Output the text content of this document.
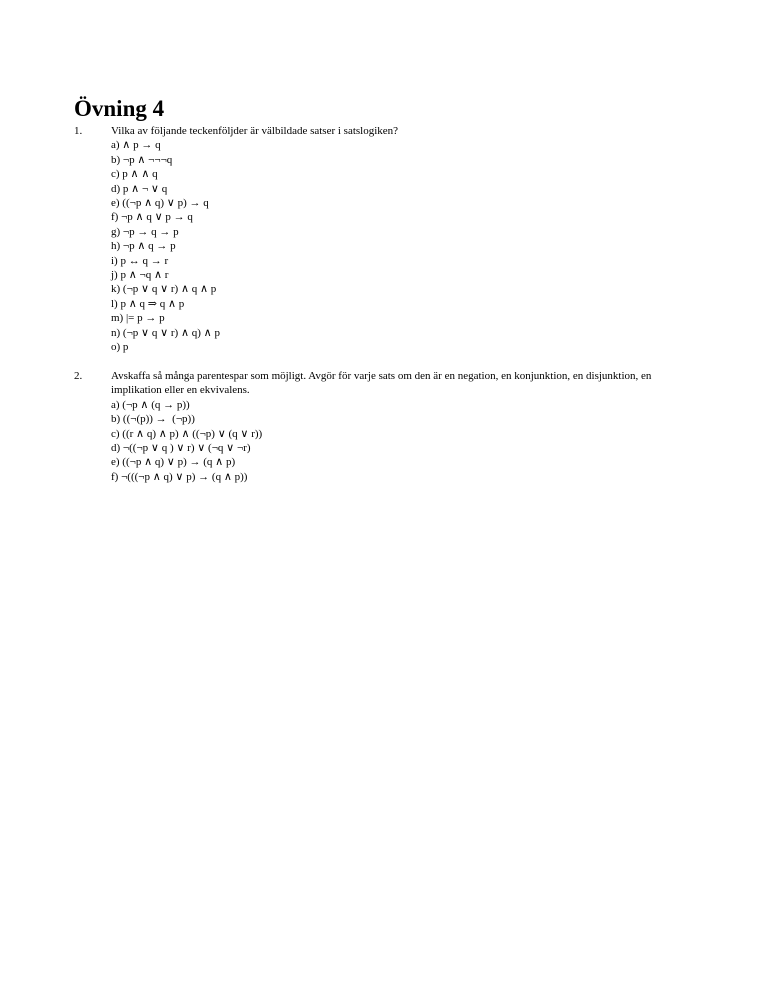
Övning 4
1.	Vilka av följande teckenföljder är välbildade satser i satslogiken?
a) ∧ p → q
b) ¬p ∧ ¬¬¬q
c) p ∧ ∧ q
d) p ∧ ¬ ∨ q
e) ((¬p ∧ q) ∨ p) → q
f) ¬p ∧ q ∨ p → q
g) ¬p → q → p
h) ¬p ∧ q → p
i) p ↔ q → r
j) p ∧ ¬q ∧ r
k) (¬p ∨ q ∨ r) ∧ q ∧ p
l) p ∧ q ⇒ q ∧ p
m) |= p → p
n) (¬p ∨ q ∨ r) ∧ q) ∧ p
o) p
2.	Avskaffa så många parentespar som möjligt. Avgör för varje sats om den är en negation, en konjunktion, en disjunktion, en implikation eller en ekvivalens.
a) (¬p ∧ (q → p))
b) ((¬(p)) →  (¬p))
c) ((r ∧ q) ∧ p) ∧ ((¬p) ∨ (q ∨ r))
d) ¬((¬p ∨ q ) ∨ r) ∨ (¬q ∨ ¬r)
e) ((¬p ∧ q) ∨ p) → (q ∧ p)
f) ¬(((¬p ∧ q) ∨ p) → (q ∧ p))
